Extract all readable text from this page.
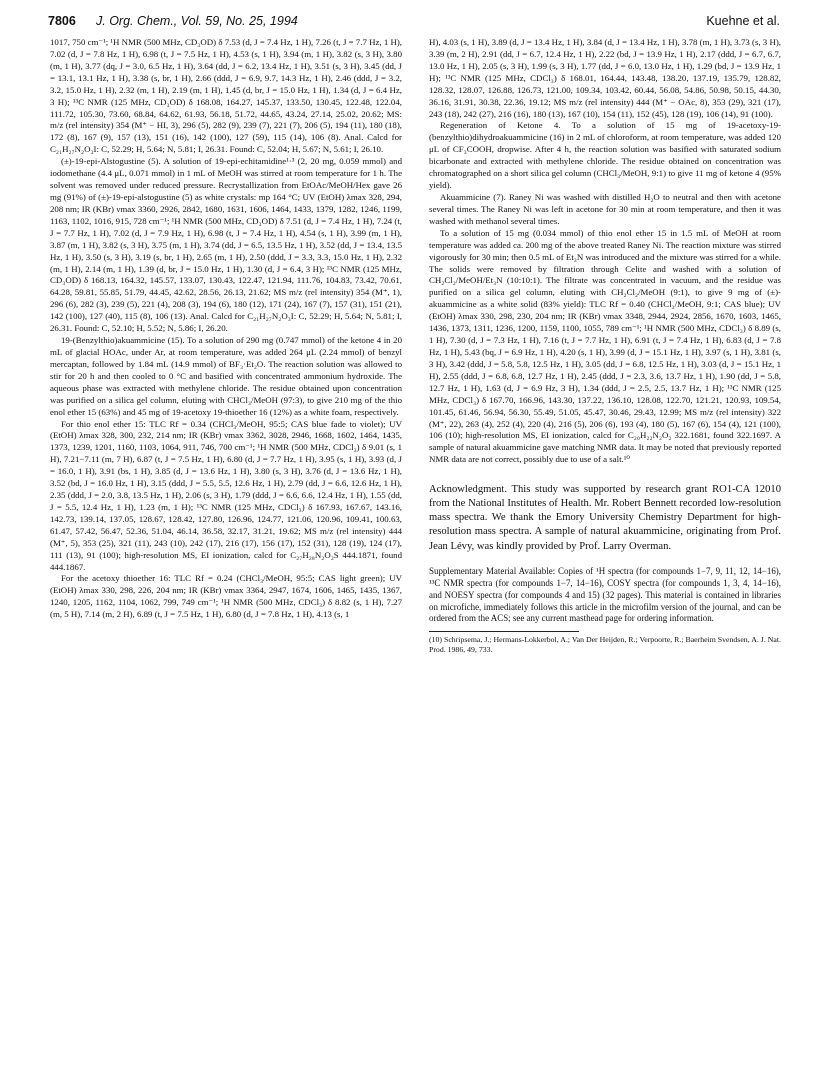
7806 J. Org. Chem., Vol. 59, No. 25, 1994	Kuehne et al.

1017, 750 cm⁻¹; ¹H NMR (500 MHz, CD₃OD) δ 7.53 (d, J = 7.4 Hz, 1 H), 7.26 (t, J = 7.7 Hz, 1 H), 7.02 (d, J = 7.8 Hz, 1 H), 6.98 (t, J = 7.5 Hz, 1 H), 4.53 (s, 1 H), 3.94 (m, 1 H), 3.82 (s, 3 H), 3.80 (m, 1 H), 3.77 (dq, J = 3.0, 6.5 Hz, 1 H), 3.64 (dd, J = 6.2, 13.4 Hz, 1 H), 3.51 (s, 3 H), 3.45 (dd, J = 13.1, 13.1 Hz, 1 H), 3.38 (s, br, 1 H), 2.66 (ddd, J = 6.9, 9.7, 14.3 Hz, 1 H), 2.46 (ddd, J = 3.2, 3.2, 15.0 Hz, 1 H), 2.32 (m, 1 H), 2.19 (m, 1 H), 1.45 (d, br, J = 15.0 Hz, 1 H), 1.34 (d, J = 6.4 Hz, 3 H); ¹³C NMR (125 MHz, CD₃OD) δ 168.08, 164.27, 145.37, 133.50, 130.45, 122.48, 122.04, 111.72, 105.30, 73.60, 68.84, 64.62, 61.93, 56.18, 51.72, 44.65, 43.24, 27.14, 25.02, 20.62; MS: m/z (rel intensity) 354 (M⁺ − HI, 3), 296 (5), 282 (9), 239 (7), 221 (7), 206 (5), 194 (11), 180 (18), 172 (8), 167 (9), 157 (13), 151 (16), 142 (100), 127 (59), 115 (14), 106 (8). Anal. Calcd for C₂₁H₂₇N₂O₃I: C, 52.29; H, 5.64; N, 5.81; I, 26.31. Found: C, 52.04; H, 5.67; N, 5.61; I, 26.10.

(±)-19-epi-Alstogustine (5). A solution of 19-epi-echitamidine¹·³ (2, 20 mg, 0.059 mmol) and iodomethane (4.4 μL, 0.071 mmol) in 1 mL of MeOH was stirred at room temperature for 1 h. The solvent was removed under reduced pressure. Recrystallization from EtOAc/MeOH/Hex gave 26 mg (91%) of (±)-19-epi-alstogustine (5) as white crystals: mp 164 °C; UV (EtOH) λmax 328, 294, 208 nm; IR (KBr) νmax 3360, 2926, 2842, 1680, 1631, 1606, 1464, 1433, 1379, 1282, 1246, 1199, 1163, 1102, 1016, 915, 728 cm⁻¹; ¹H NMR (500 MHz, CD₃OD) δ 7.51 (d, J = 7.4 Hz, 1 H), 7.24 (t, J = 7.7 Hz, 1 H), 7.02 (d, J = 7.9 Hz, 1 H), 6.98 (t, J = 7.4 Hz, 1 H), 4.54 (s, 1 H), 3.99 (m, 1 H), 3.87 (m, 1 H), 3.82 (s, 3 H), 3.75 (m, 1 H), 3.74 (dd, J = 6.5, 13.5 Hz, 1 H), 3.52 (dd, J = 13.4, 13.5 Hz, 1 H), 3.50 (s, 3 H), 3.19 (s, br, 1 H), 2.65 (m, 1 H), 2.50 (ddd, J = 3.3, 3.3, 15.0 Hz, 1 H), 2.32 (m, 1 H), 2.14 (m, 1 H), 1.39 (d, br, J = 15.0 Hz, 1 H), 1.30 (d, J = 6.4, 3 H); ¹³C NMR (125 MHz, CD₃OD) δ 168.13, 164.32, 145.57, 133.07, 130.43, 122.47, 121.94, 111.76, 104.83, 73.42, 70.61, 64.28, 59.81, 55.85, 51.79, 44.45, 42.62, 28.56, 26.13, 21.62; MS m/z (rel intensity) 354 (M⁺, 1), 296 (6), 282 (3), 239 (5), 221 (4), 208 (3), 194 (6), 180 (12), 171 (24), 167 (7), 157 (31), 151 (21), 142 (100), 127 (40), 115 (8), 106 (13). Anal. Calcd for C₂₁H₂₇N₂O₃I: C, 52.29; H, 5.64; N, 5.81; I, 26.31. Found: C, 52.10; H, 5.52; N, 5.86; I, 26.20.

19-(Benzylthio)akuammicine (15). To a solution of 290 mg (0.747 mmol) of the ketone 4 in 20 mL of glacial HOAc, under Ar, at room temperature, was added 264 μL (2.24 mmol) of benzyl mercaptan, followed by 1.84 mL (14.9 mmol) of BF₃·Et₂O. The reaction solution was allowed to stir for 20 h and then cooled to 0 °C and basified with concentrated ammonium hydroxide. The aqueous phase was extracted with methylene chloride. The residue obtained upon concentration was purified on a silica gel column, eluting with CHCl₃/MeOH (97:3), to give 210 mg of the thio enol ether 15 (63%) and 45 mg of 19-acetoxy 19-thioether 16 (12%) as a white foam, respectively.

For thio enol ether 15: TLC Rf = 0.34 (CHCl₃/MeOH, 95:5; CAS blue fade to violet); UV (EtOH) λmax 328, 300, 232, 214 nm; IR (KBr) νmax 3362, 3028, 2946, 1668, 1602, 1464, 1435, 1373, 1239, 1201, 1160, 1103, 1064, 911, 746, 700 cm⁻¹; ¹H NMR (500 MHz, CDCl₃) δ 9.01 (s, 1 H), 7.21−7.11 (m, 7 H), 6.87 (t, J = 7.5 Hz, 1 H), 6.80 (d, J = 7.7 Hz, 1 H), 3.95 (s, 1 H), 3.93 (d, J = 16.0, 1 H), 3.91 (bs, 1 H), 3.85 (d, J = 13.6 Hz, 1 H), 3.80 (s, 3 H), 3.76 (d, J = 13.6 Hz, 1 H), 3.52 (bd, J = 16.0 Hz, 1 H), 3.15 (ddd, J = 5.5, 5.5, 12.6 Hz, 1 H), 2.79 (dd, J = 6.6, 12.6 Hz, 1 H), 2.35 (ddd, J = 2.0, 3.8, 13.5 Hz, 1 H), 2.06 (s, 3 H), 1.79 (ddd, J = 6.6, 6.6, 12.4 Hz, 1 H), 1.55 (dd, J = 5.5, 12.4 Hz, 1 H), 1.23 (m, 1 H); ¹³C NMR (125 MHz, CDCl₃) δ 167.93, 167.67, 143.16, 142.73, 139.14, 137.05, 128.67, 128.42, 127.80, 126.96, 124.77, 121.06, 120.96, 109.41, 100.63, 61.47, 57.42, 56.47, 52.36, 51.04, 46.14, 36.58, 32.17, 31.21, 19.62; MS m/z (rel intensity) 444 (M⁺, 5), 353 (25), 321 (11), 243 (10), 242 (17), 216 (17), 156 (17), 152 (31), 128 (19), 124 (17), 111 (13), 91 (100); high-resolution MS, EI ionization, calcd for C₂₇H₂₈N₂O₂S 444.1871, found 444.1867.

For the acetoxy thioether 16: TLC Rf = 0.24 (CHCl₃/MeOH, 95:5; CAS light green); UV (EtOH) λmax 330, 298, 226, 204 nm; IR (KBr) νmax 3364, 2947, 1674, 1606, 1465, 1435, 1367, 1240, 1205, 1162, 1104, 1062, 799, 749 cm⁻¹; ¹H NMR (500 MHz, CDCl₃) δ 8.82 (s, 1 H), 7.27 (m, 5 H), 7.14 (m, 2 H), 6.89 (t, J = 7.5 Hz, 1 H), 6.80 (d, J = 7.8 Hz, 1 H), 4.13 (s, 1

H), 4.03 (s, 1 H), 3.89 (d, J = 13.4 Hz, 1 H), 3.84 (d, J = 13.4 Hz, 1 H), 3.78 (m, 1 H), 3.73 (s, 3 H), 3.39 (m, 2 H), 2.91 (dd, J = 6.7, 12.4 Hz, 1 H), 2.22 (bd, J = 13.9 Hz, 1 H), 2.17 (ddd, J = 6.7, 6.7, 13.0 Hz, 1 H), 2.05 (s, 3 H), 1.99 (s, 3 H), 1.77 (dd, J = 6.0, 13.0 Hz, 1 H), 1.29 (bd, J = 13.9 Hz, 1 H); ¹³C NMR (125 MHz, CDCl₃) δ 168.01, 164.44, 143.48, 138.20, 137.19, 135.79, 128.82, 128.32, 128.07, 126.88, 126.73, 121.00, 109.34, 103.42, 60.44, 56.08, 54.86, 50.98, 50.15, 44.30, 36.16, 31.91, 30.38, 22.36, 19.12; MS m/z (rel intensity) 444 (M⁺ − OAc, 8), 353 (29), 321 (17), 243 (18), 242 (27), 216 (16), 180 (13), 167 (10), 154 (11), 152 (45), 128 (19), 106 (14), 91 (100).

Regeneration of Ketone 4. To a solution of 15 mg of 19-acetoxy-19-(benzylthio)dihydroakuammicine (16) in 2 mL of chloroform, at room temperature, was added 120 μL of CF₃COOH, dropwise. After 4 h, the reaction solution was basified with saturated sodium bicarbonate and extracted with methylene chloride. The residue obtained on concentration was chromatographed on a short silica gel column (CHCl₃/MeOH, 9:1) to give 11 mg of ketone 4 (95% yield).

Akuammicine (7). Raney Ni was washed with distilled H₂O to neutral and then with acetone several times. The Raney Ni was left in acetone for 30 min at room temperature, and then it was washed with methanol several times.

To a solution of 15 mg (0.034 mmol) of thio enol ether 15 in 1.5 mL of MeOH at room temperature was added ca. 200 mg of the above treated Raney Ni. The reaction mixture was stirred vigorously for 30 min; then 0.5 mL of Et₃N was introduced and the mixture was stirred for a while. The solids were removed by filtration through Celite and washed with a solution of CH₂Cl₂/MeOH/Et₃N (10:10:1). The filtrate was concentrated in vacuum, and the residue was purified on a silica gel column, eluting with CH₂Cl₂/MeOH (9:1), to give 9 mg of (±)-akuammicine as a white solid (83% yield): TLC Rf = 0.40 (CHCl₃/MeOH, 9:1; CAS blue); UV (EtOH) λmax 330, 298, 230, 204 nm; IR (KBr) νmax 3348, 2944, 2924, 2856, 1670, 1603, 1465, 1436, 1373, 1311, 1236, 1200, 1159, 1100, 1055, 789 cm⁻¹; ¹H NMR (500 MHz, CDCl₃) δ 8.89 (s, 1 H), 7.30 (d, J = 7.3 Hz, 1 H), 7.16 (t, J = 7.7 Hz, 1 H), 6.91 (t, J = 7.4 Hz, 1 H), 6.83 (d, J = 7.8 Hz, 1 H), 5.43 (bq, J = 6.9 Hz, 1 H), 4.20 (s, 1 H), 3.99 (d, J = 15.1 Hz, 1 H), 3.97 (s, 1 H), 3.81 (s, 3 H), 3.42 (ddd, J = 5.8, 5.8, 12.5 Hz, 1 H), 3.05 (dd, J = 6.8, 12.5 Hz, 1 H), 3.03 (d, J = 15.1 Hz, 1 H), 2.55 (ddd, J = 6.8, 6.8, 12.7 Hz, 1 H), 2.45 (ddd, J = 2.3, 3.6, 13.7 Hz, 1 H), 1.90 (dd, J = 5.8, 12.7 Hz, 1 H), 1.63 (d, J = 6.9 Hz, 3 H), 1.34 (ddd, J = 2.5, 2.5, 13.7 Hz, 1 H); ¹³C NMR (125 MHz, CDCl₃) δ 167.70, 166.96, 143.30, 137.22, 136.10, 128.08, 122.70, 121.21, 120.93, 109.54, 101.45, 61.46, 56.94, 56.30, 55.49, 51.05, 45.47, 30.46, 29.43, 12.99; MS m/z (rel intensity) 322 (M⁺, 22), 263 (4), 252 (4), 220 (4), 216 (5), 206 (6), 193 (4), 180 (5), 167 (6), 154 (4), 121 (100), 106 (10); high-resolution MS, EI ionization, calcd for C₂₀H₂₂N₂O₂ 322.1681, found 322.1697. A sample of natural akuammicine gave matching NMR data. It may be noted that previously reported NMR data are not correct, possibly due to use of a salt.¹⁰

Acknowledgment. This study was supported by research grant RO1-CA 12010 from the National Institutes of Health. Mr. Robert Bennett recorded low-resolution mass spectra. We thank the Emory University Chemistry Department for high-resolution mass spectra. A sample of natural akuammicine, originating from Prof. Jean Lévy, was kindly provided by Prof. Larry Overman.

Supplementary Material Available: Copies of ¹H spectra (for compounds 1−7, 9, 11, 12, 14−16), ¹³C NMR spectra (for compounds 1−7, 14−16), COSY spectra (for compounds 1, 3, 4, 14−16), and NOESY spectra (for compounds 4 and 15) (32 pages). This material is contained in libraries on microfiche, immediately follows this article in the microfilm version of the journal, and can be ordered from the ACS; see any current masthead page for ordering information.

(10) Schripsema, J.; Hermans-Lokkerbol, A.; Van Der Heijden, R.; Verpoorte, R.; Baerheim Svendsen, A. J. Nat. Prod. 1986, 49, 733.
